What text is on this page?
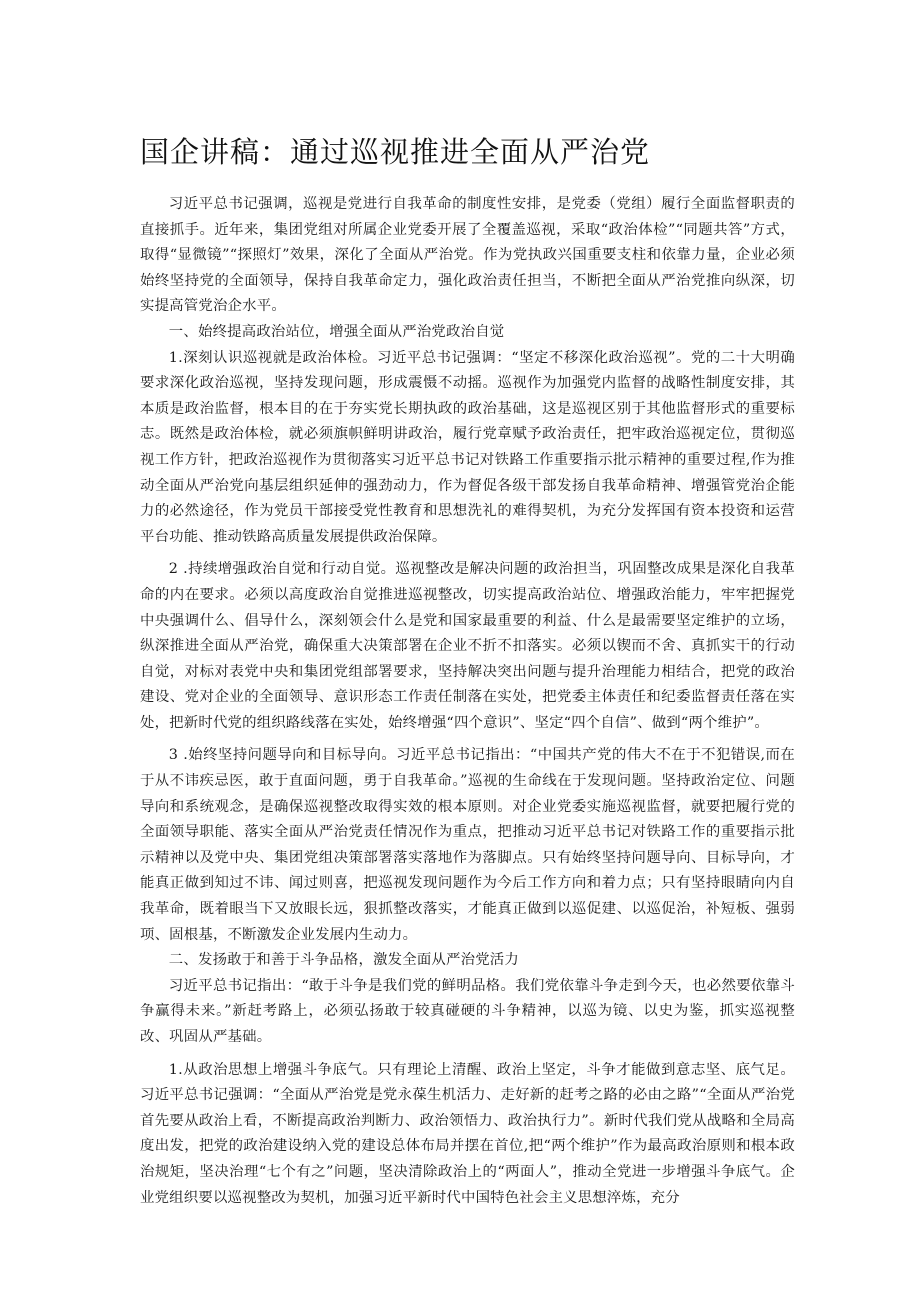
国企讲稿：通过巡视推进全面从严治党

习近平总书记强调，巡视是党进行自我革命的制度性安排，是党委（党组）履行全面监督职责的直接抓手。近年来，集团党组对所属企业党委开展了全覆盖巡视，采取“政治体检”“同题共答”方式，取得“显微镜”“探照灯”效果，深化了全面从严治党。作为党执政兴国重要支柱和依靠力量，企业必须始终坚持党的全面领导，保持自我革命定力，强化政治责任担当，不断把全面从严治党推向纵深，切实提高管党治企水平。

一、始终提高政治站位，增强全面从严治党政治自觉

1.深刻认识巡视就是政治体检。习近平总书记强调：“坚定不移深化政治巡视”。党的二十大明确要求深化政治巡视，坚持发现问题，形成震慑不动摇。巡视作为加强党内监督的战略性制度安排，其本质是政治监督，根本目的在于夯实党长期执政的政治基础，这是巡视区别于其他监督形式的重要标志。既然是政治体检，就必须旗帜鲜明讲政治，履行党章赋予政治责任，把牢政治巡视定位，贯彻巡视工作方针，把政治巡视作为贯彻落实习近平总书记对铁路工作重要指示批示精神的重要过程,作为推动全面从严治党向基层组织延伸的强劲动力，作为督促各级干部发扬自我革命精神、增强管党治企能力的必然途径，作为党员干部接受党性教育和思想洗礼的难得契机，为充分发挥国有资本投资和运营平台功能、推动铁路高质量发展提供政治保障。

2 .持续增强政治自觉和行动自觉。巡视整改是解决问题的政治担当，巩固整改成果是深化自我革命的内在要求。必须以高度政治自觉推进巡视整改，切实提高政治站位、增强政治能力，牢牢把握党中央强调什么、倡导什么，深刻领会什么是党和国家最重要的利益、什么是最需要坚定维护的立场，纵深推进全面从严治党，确保重大决策部署在企业不折不扣落实。必须以锲而不舍、真抓实干的行动自觉，对标对表党中央和集团党组部署要求，坚持解决突出问题与提升治理能力相结合，把党的政治建设、党对企业的全面领导、意识形态工作责任制落在实处，把党委主体责任和纪委监督责任落在实处，把新时代党的组织路线落在实处，始终增强“四个意识”、坚定“四个自信”、做到“两个维护”。

3 .始终坚持问题导向和目标导向。习近平总书记指出：“中国共产党的伟大不在于不犯错误,而在于从不讳疾忌医，敢于直面问题，勇于自我革命。”巡视的生命线在于发现问题。坚持政治定位、问题导向和系统观念，是确保巡视整改取得实效的根本原则。对企业党委实施巡视监督，就要把履行党的全面领导职能、落实全面从严治党责任情况作为重点，把推动习近平总书记对铁路工作的重要指示批示精神以及党中央、集团党组决策部署落实落地作为落脚点。只有始终坚持问题导向、目标导向，才能真正做到知过不讳、闻过则喜，把巡视发现问题作为今后工作方向和着力点；只有坚持眼睛向内自我革命，既着眼当下又放眼长远，狠抓整改落实，才能真正做到以巡促建、以巡促治，补短板、强弱项、固根基，不断激发企业发展内生动力。

二、发扬敢于和善于斗争品格，激发全面从严治党活力

习近平总书记指出：“敢于斗争是我们党的鲜明品格。我们党依靠斗争走到今天，也必然要依靠斗争赢得未来。”新赶考路上，必须弘扬敢于较真碰硬的斗争精神，以巡为镜、以史为鉴，抓实巡视整改、巩固从严基础。

1.从政治思想上增强斗争底气。只有理论上清醒、政治上坚定，斗争才能做到意志坚、底气足。习近平总书记强调：“全面从严治党是党永葆生机活力、走好新的赶考之路的必由之路”“全面从严治党首先要从政治上看，不断提高政治判断力、政治领悟力、政治执行力”。新时代我们党从战略和全局高度出发，把党的政治建设纳入党的建设总体布局并摆在首位,把“两个维护”作为最高政治原则和根本政治规矩，坚决治理“七个有之”问题，坚决清除政治上的“两面人”，推动全党进一步增强斗争底气。企业党组织要以巡视整改为契机，加强习近平新时代中国特色社会主义思想淬炼，充分
